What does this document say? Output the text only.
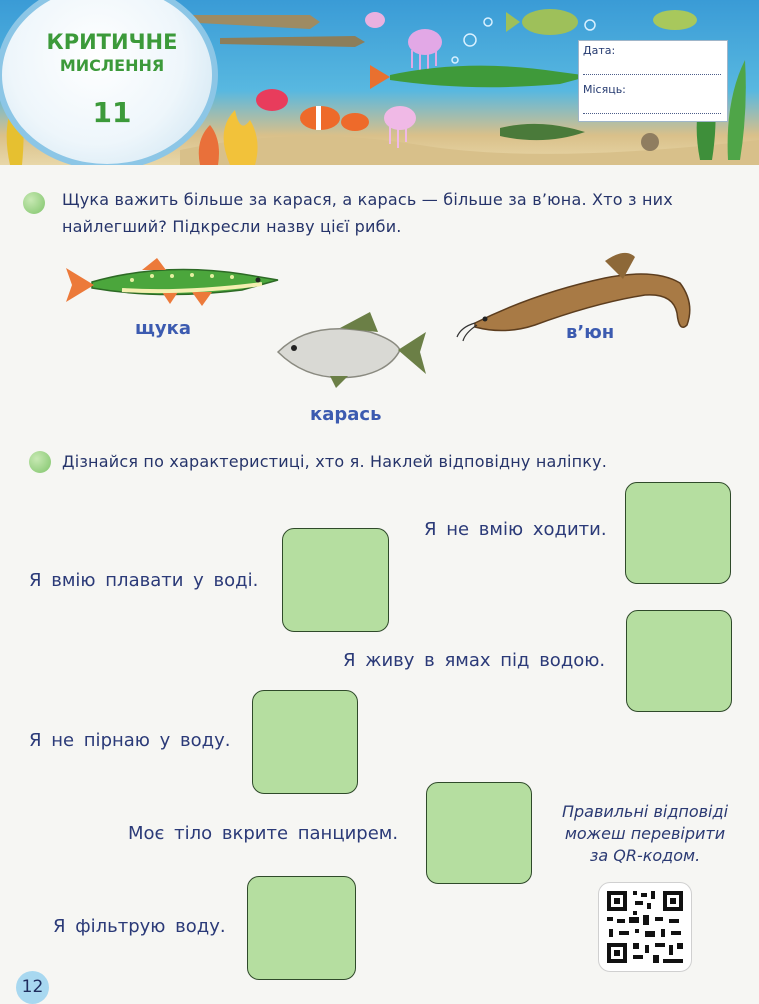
КРИТИЧНЕ
МИСЛЕННЯ
11
Дата:
Місяць:
Щука важить більше за карася, а карась — більше за в’юна. Хто з них найлегший? Підкресли назву цієї риби.
щука
карась
в’юн
Дізнайся по характеристиці, хто я. Наклей відповідну наліпку.
Я не вмію ходити.
Я вмію плавати у воді.
Я живу в ямах під водою.
Я не пірнаю у воду.
Моє тіло вкрите панцирем.
Я фільтрую воду.
Правильні відповіді
можеш перевірити
за QR-кодом.
12
